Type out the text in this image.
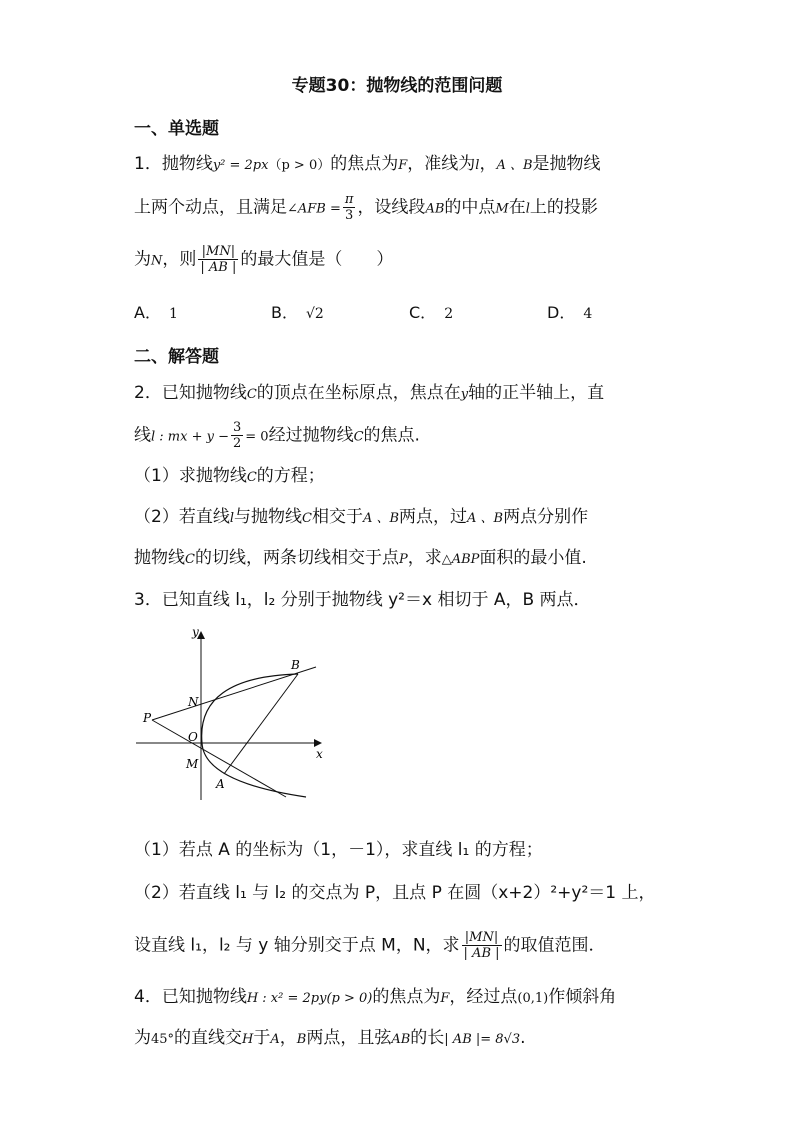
专题30：抛物线的范围问题
一、单选题
1．抛物线y² = 2px（p > 0）的焦点为F，准线为l，A 、B是抛物线
上两个动点，且满足∠AFB = $\frac{\pi}{3}$ ，设线段AB的中点M在l上的投影
为N，则 $\frac{|MN|}{| AB |}$ 的最大值是（　　）
A． 1	B． √2	C． 2	D． 4
二、解答题
2．已知抛物线C的顶点在坐标原点，焦点在y轴的正半轴上，直
线l : mx + $y - \frac{3}{2} = 0$经过抛物线C的焦点.
（1）求抛物线C的方程；
（2）若直线l与抛物线C相交于A 、B两点，过A 、B两点分别作
抛物线C的切线，两条切线相交于点P，求△ABP面积的最小值.
3．已知直线 l₁，l₂ 分别于抛物线 y²＝x 相切于 A，B 两点．
y
x
B
N
P
O
M
A
（1）若点 A 的坐标为（1，－1），求直线 l₁ 的方程；
（2）若直线 l₁ 与 l₂ 的交点为 P，且点 P 在圆（x+2）²+y²＝1 上，
设直线 l₁，l₂ 与 y 轴分别交于点 M，N，求 $\frac{|MN|}{| AB |}$ 的取值范围．
4．已知抛物线H : x² = 2py(p > 0)的焦点为F，经过点(0,1)作倾斜角
为45°的直线交H于A，B两点，且弦AB的长| AB |= 8√3.
